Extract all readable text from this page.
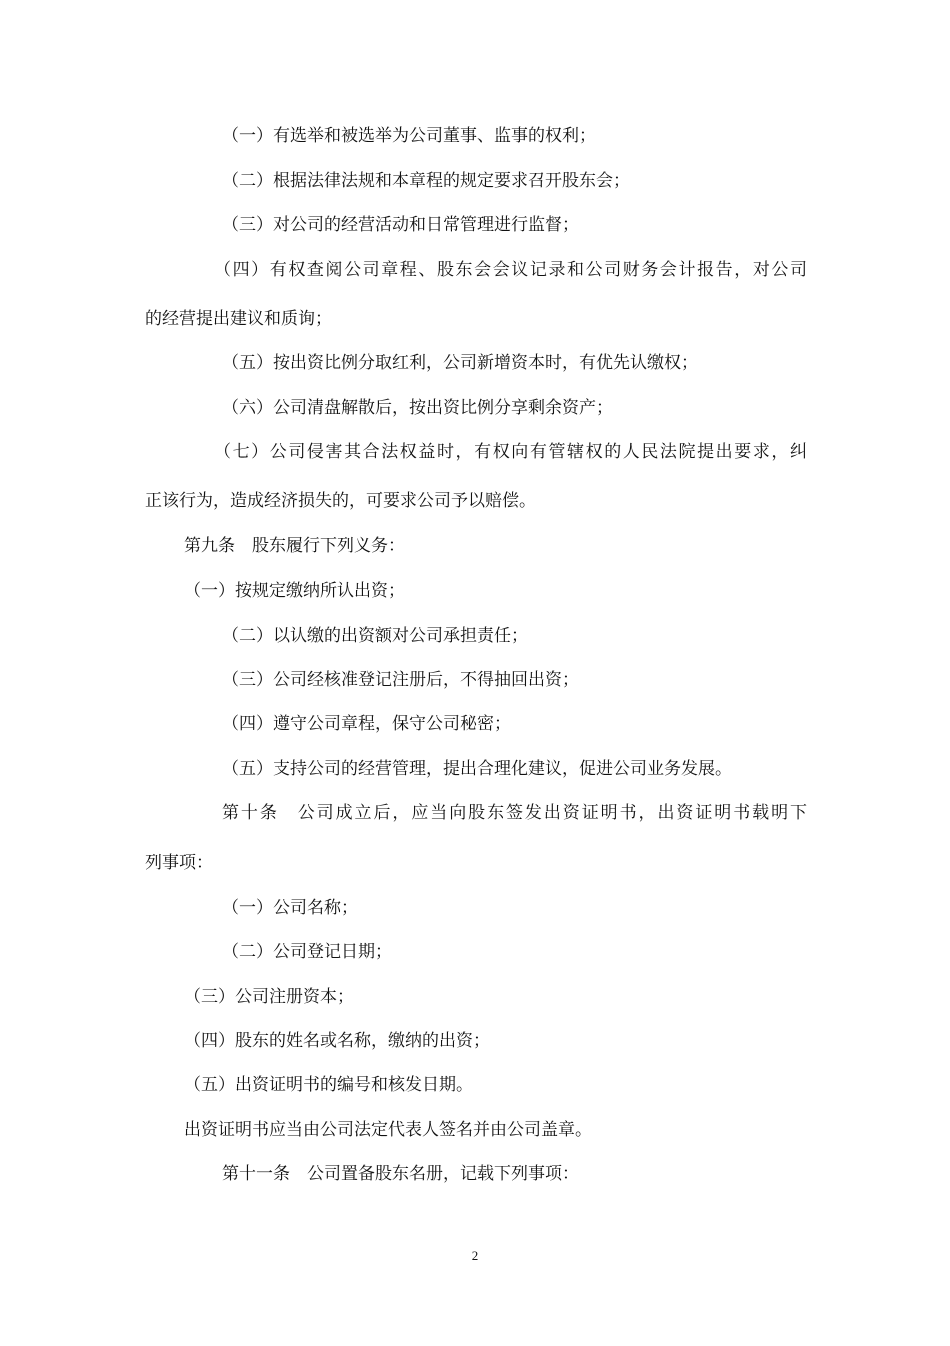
（一）有选举和被选举为公司董事、监事的权利；
（二）根据法律法规和本章程的规定要求召开股东会；
（三）对公司的经营活动和日常管理进行监督；
（四）有权查阅公司章程、股东会会议记录和公司财务会计报告，对公司
的经营提出建议和质询；
（五）按出资比例分取红利，公司新增资本时，有优先认缴权；
（六）公司清盘解散后，按出资比例分享剩余资产；
（七）公司侵害其合法权益时，有权向有管辖权的人民法院提出要求，纠
正该行为，造成经济损失的，可要求公司予以赔偿。
第九条　股东履行下列义务：
（一）按规定缴纳所认出资；
（二）以认缴的出资额对公司承担责任；
（三）公司经核准登记注册后，不得抽回出资；
（四）遵守公司章程，保守公司秘密；
（五）支持公司的经营管理，提出合理化建议，促进公司业务发展。
第十条　公司成立后，应当向股东签发出资证明书，出资证明书载明下
列事项：
（一）公司名称；
（二）公司登记日期；
（三）公司注册资本；
（四）股东的姓名或名称，缴纳的出资；
（五）出资证明书的编号和核发日期。
出资证明书应当由公司法定代表人签名并由公司盖章。
第十一条　公司置备股东名册，记载下列事项：
2
